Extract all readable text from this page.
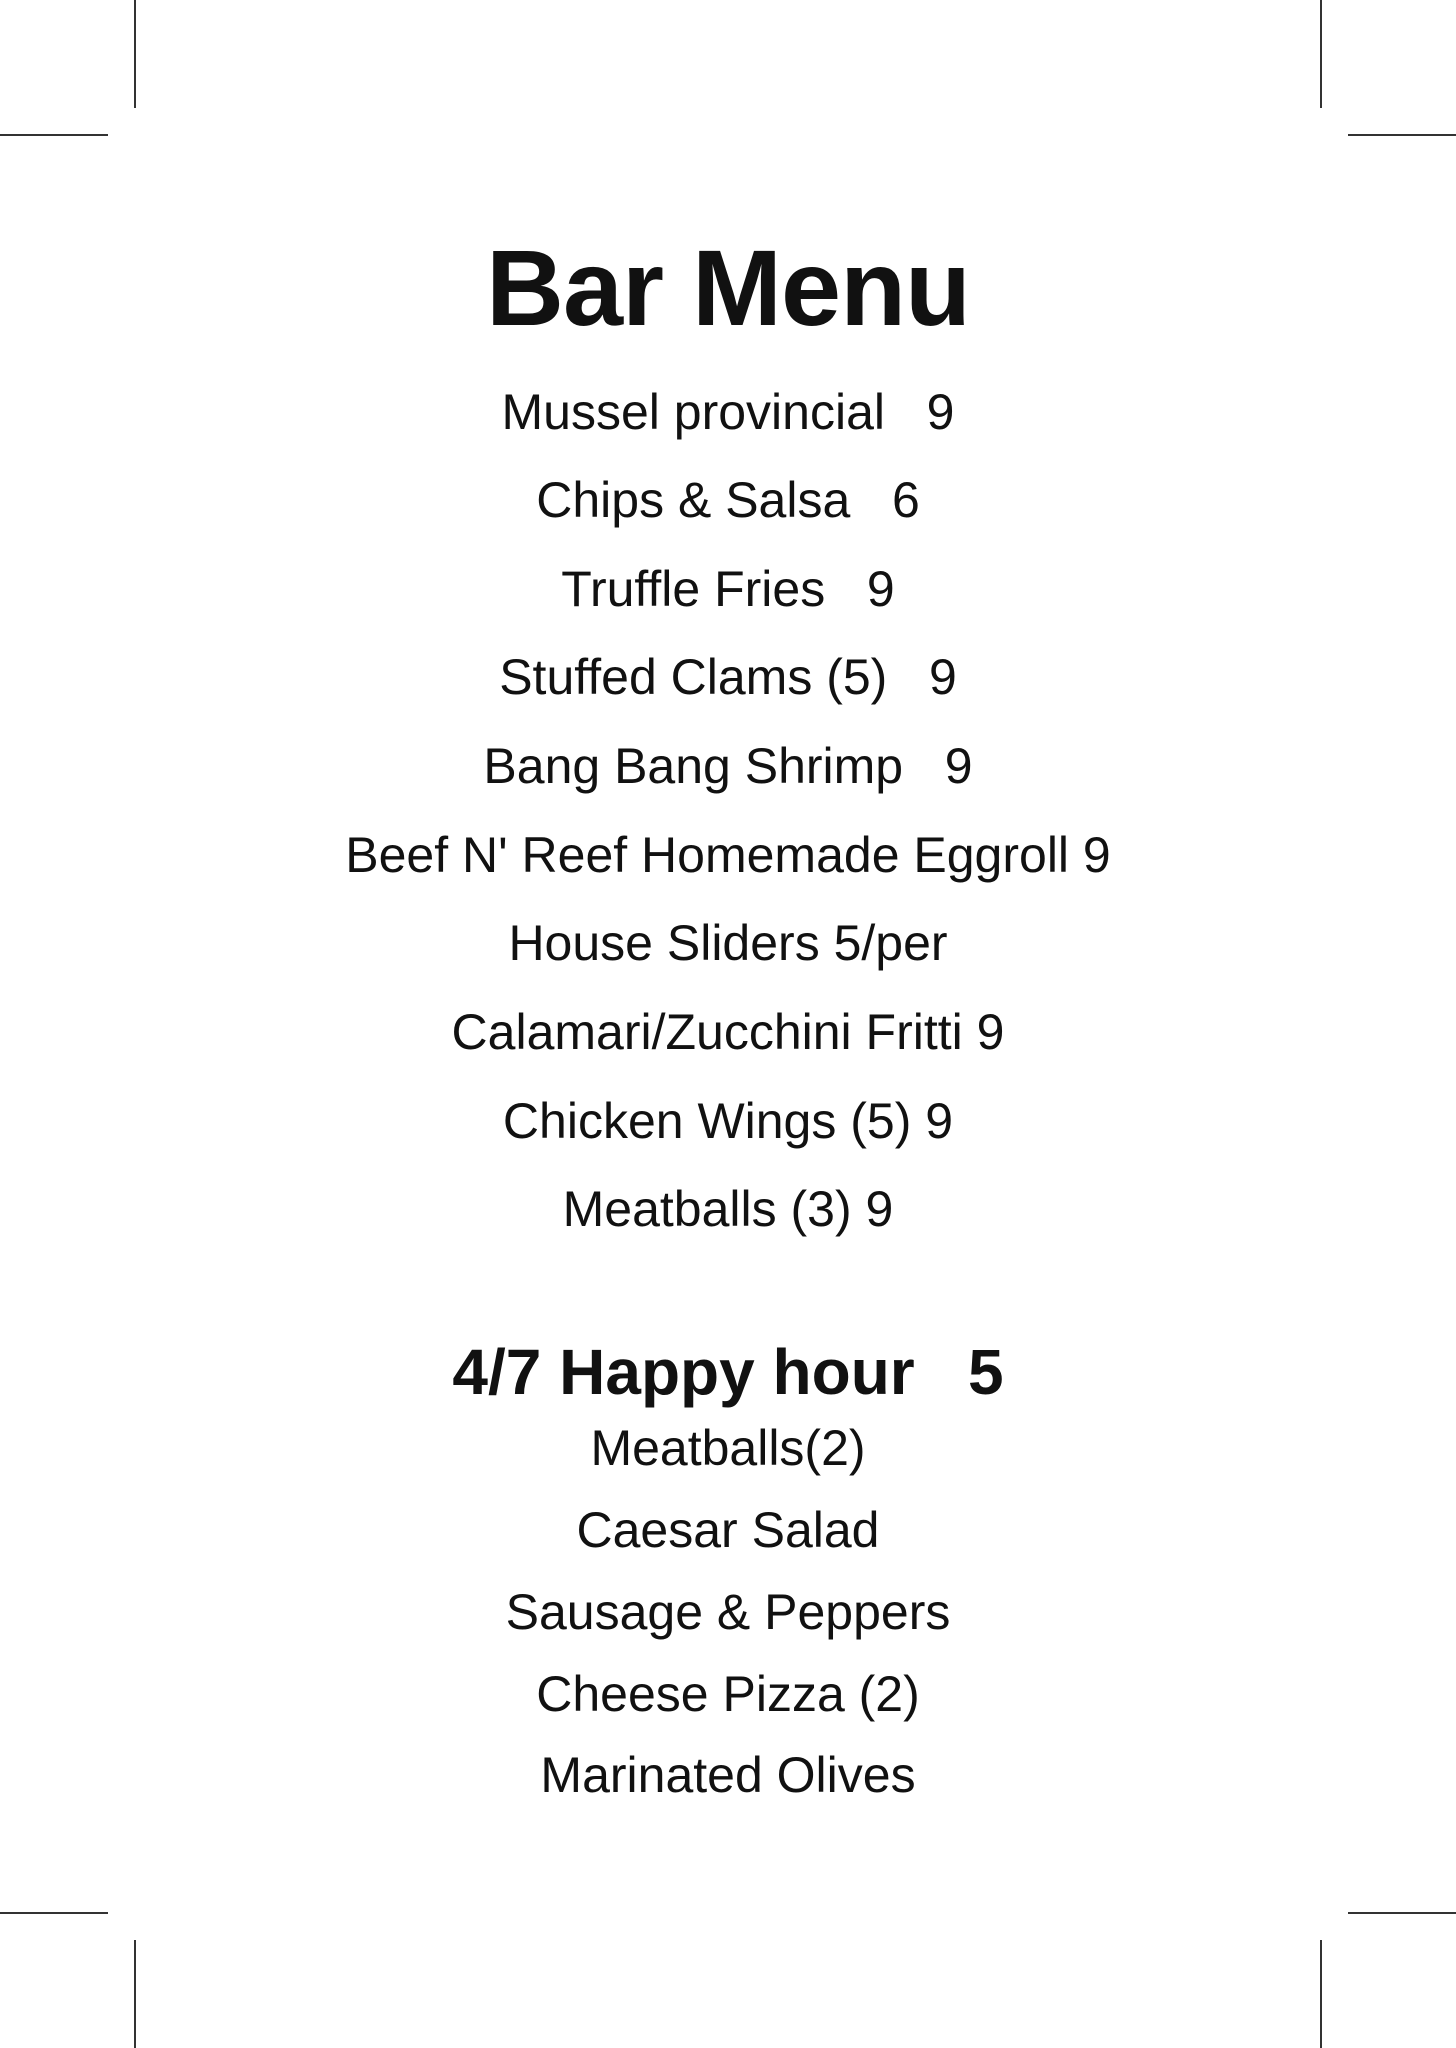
Bar Menu
Mussel provincial   9
Chips & Salsa   6
Truffle Fries   9
Stuffed Clams (5)   9
Bang Bang Shrimp   9
Beef N' Reef Homemade Eggroll 9
House Sliders 5/per
Calamari/Zucchini Fritti 9
Chicken Wings (5) 9
Meatballs (3) 9
4/7 Happy hour   5
Meatballs(2)
Caesar Salad
Sausage & Peppers
Cheese Pizza (2)
Marinated Olives
